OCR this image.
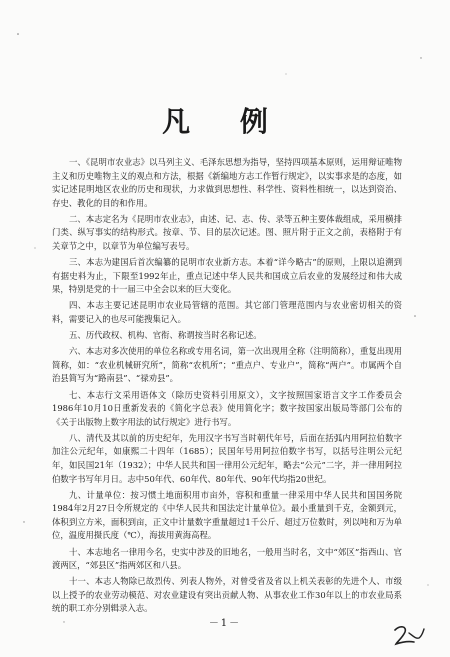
凡 例

一、《昆明市农业志》以马列主义、毛泽东思想为指导，坚持四项基本原则，运用辩证唯物主义和历史唯物主义的观点和方法，根据《新编地方志工作暂行规定》，以实事求是的态度，如实记述昆明地区农业的历史和现状，力求做到思想性、科学性、资料性相统一，以达到资治、存史、教化的目的和作用。

二、本志定名为《昆明市农业志》，由述、记、志、传、录等五种主要体裁组成，采用横排门类、纵写事实的结构形式。按章、节、目的层次记述。图、照片附于正文之前，表格附于有关章节之中，以章节为单位编写表号。

三、本志为建国后首次编纂的昆明市农业新方志。本着“详今略古”的原则，上限以追溯到有据史料为止，下限至1992年止，重点记述中华人民共和国成立后农业的发展经过和伟大成果，特别是党的十一届三中全会以来的巨大变化。

四、本志主要记述昆明市农业局管辖的范围。其它部门管理范围内与农业密切相关的资料，需要记入的也尽可能搜集记入。

五、历代政权、机构、官衔、称谓按当时名称记述。

六、本志对多次使用的单位名称或专用名词，第一次出现用全称（注明简称），重复出现用简称，如：“农业机械研究所”，简称“农机所”；“重点户、专业户”，简称“两户”。市属两个自治县简写为“路南县”、“禄劝县”。

七、本志行文采用语体文（除历史资料引用原文），文字按照国家语言文字工作委员会1986年10月10日重新发表的《简化字总表》使用简化字；数字按国家出版局等部门公布的《关于出版物上数字用法的试行规定》进行书写。

八、清代及其以前的历史纪年，先用汉字书写当时朝代年号，后面在括弧内用阿拉伯数字加注公元纪年，如康熙二十四年（1685）；民国年号用阿拉伯数字书写，以括号注明公元纪年，如民国21年（1932）；中华人民共和国一律用公元纪年，略去“公元”二字，并一律用阿拉伯数字书写年月日。志中50年代、60年代、80年代、90年代均指20世纪。

九、计量单位：按习惯土地面积用市亩外，容积和重量一律采用中华人民共和国国务院1984年2月27日令所规定的《中华人民共和国法定计量单位》。最小重量到千克，金额到元，体积到立方米，面积到亩，正文中计量数字重量超过1千公斤、超过万位数时，列以吨和万为单位，温度用摄氏度（℃），海拔用黄海高程。

十、本志地名一律用今名，史实中涉及的旧地名，一般用当时名，文中“郊区”指西山、官渡两区，“郊县区”指两郊区和八县。

十一、本志人物除已故烈传、列表人物外，对曾受省及省以上机关表彰的先进个人、市级以上授予的农业劳动模范、对农业建设有突出贡献人物、从事农业工作30年以上的市农业局系统的职工亦分别辑录入志。

－1－
